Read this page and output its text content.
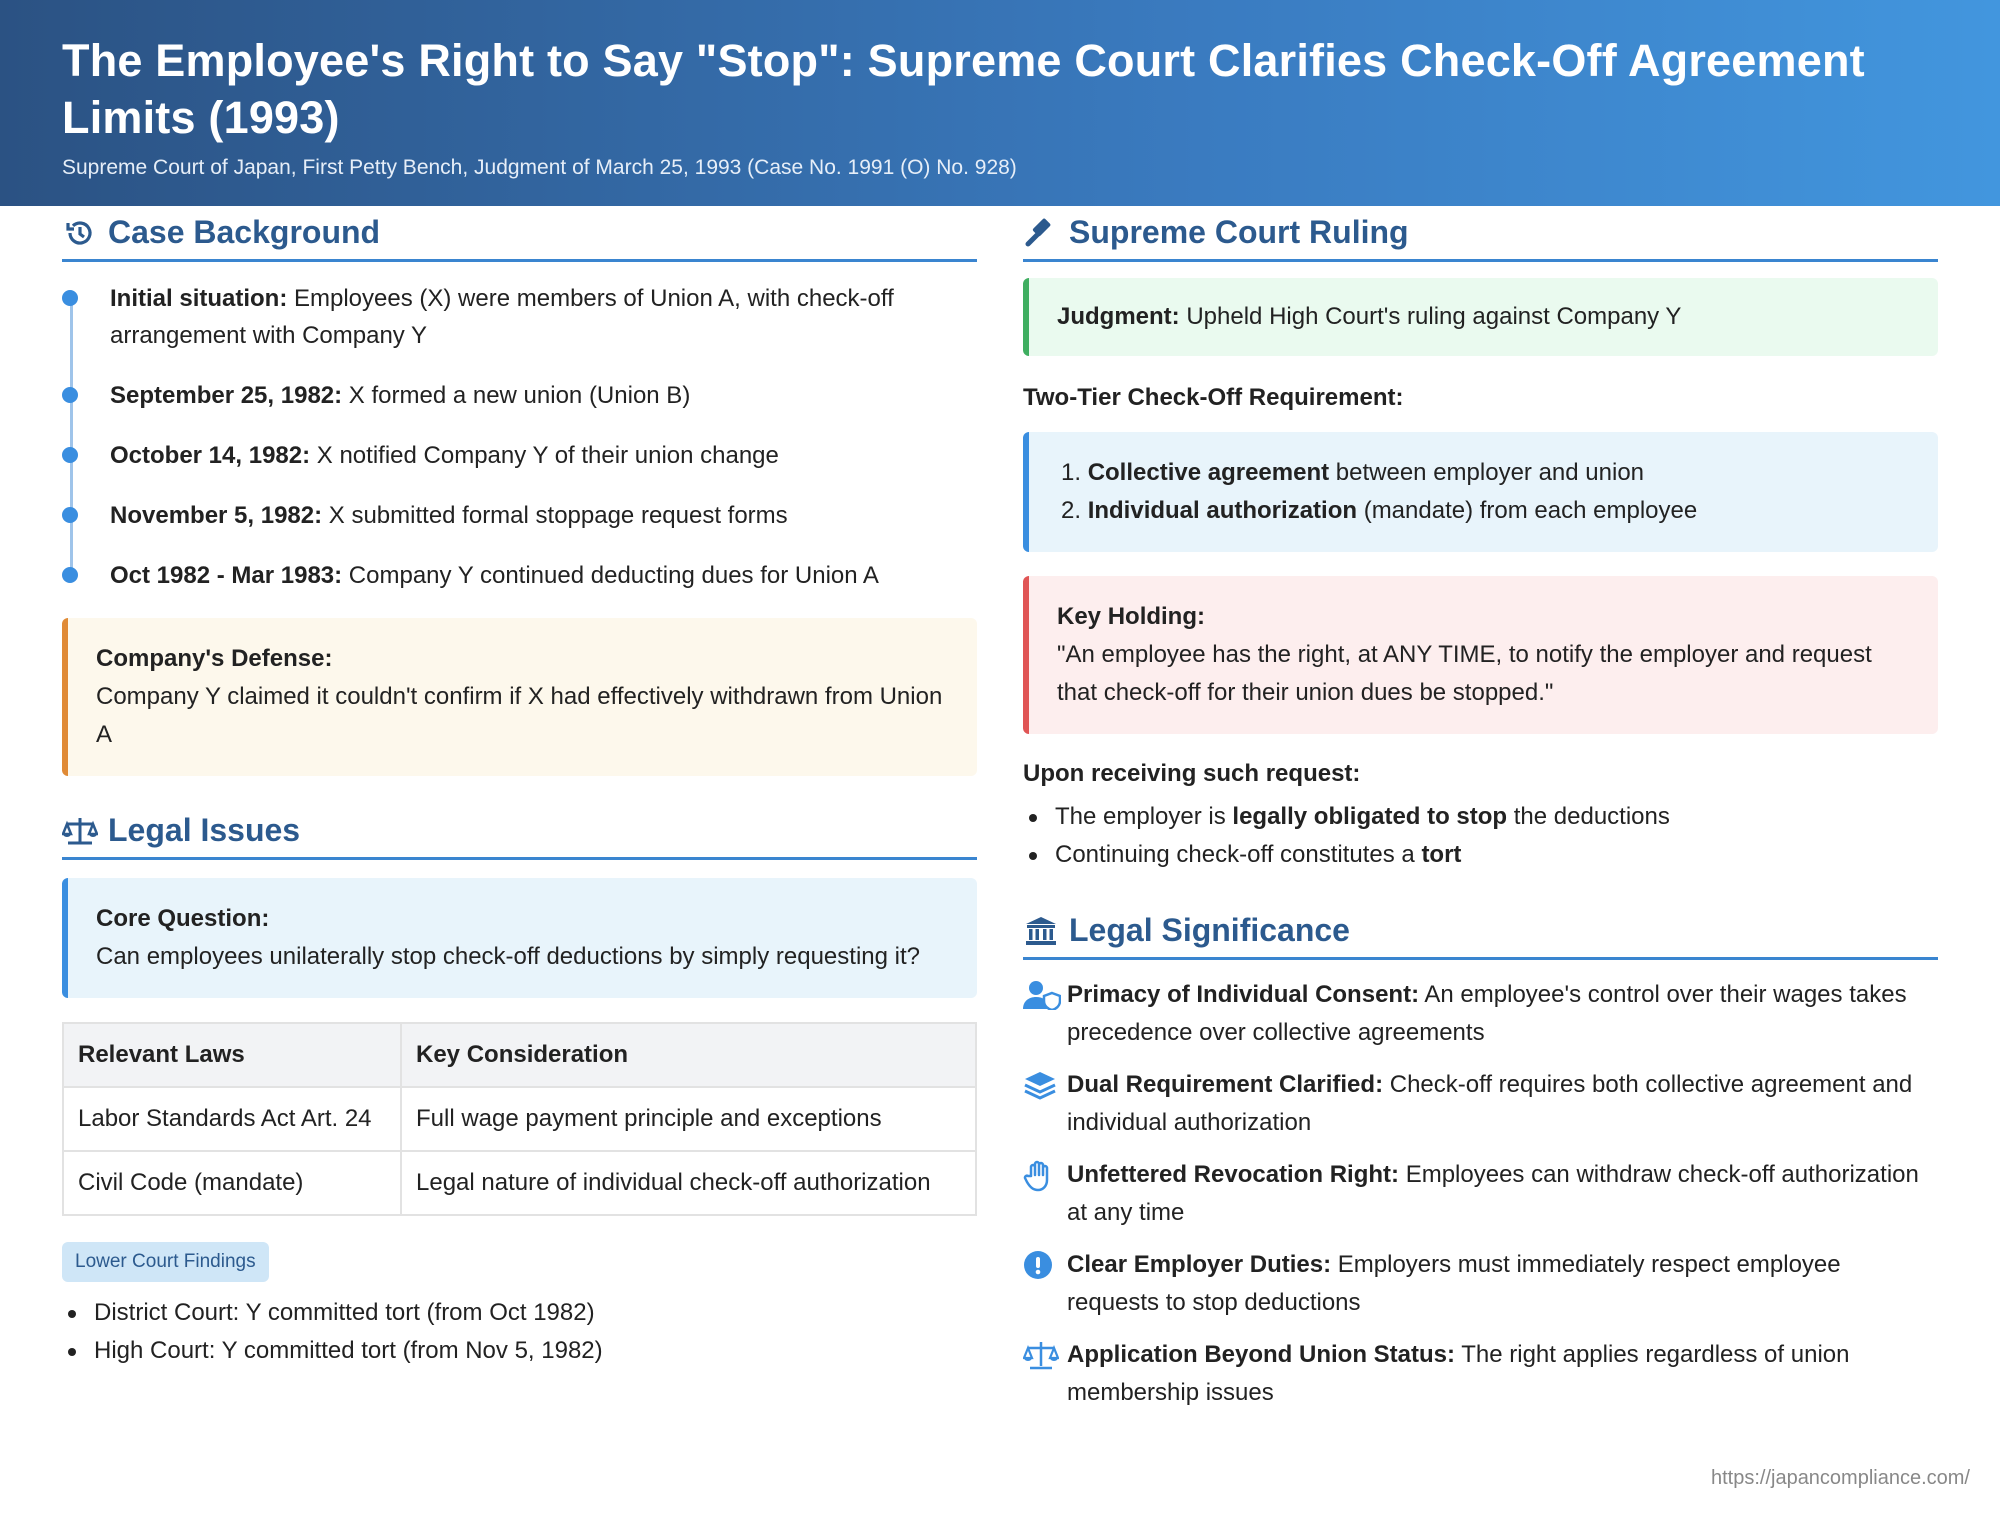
The Employee's Right to Say "Stop": Supreme Court Clarifies Check-Off Agreement Limits (1993)
Supreme Court of Japan, First Petty Bench, Judgment of March 25, 1993 (Case No. 1991 (O) No. 928)
Case Background
Initial situation: Employees (X) were members of Union A, with check-off arrangement with Company Y
September 25, 1982: X formed a new union (Union B)
October 14, 1982: X notified Company Y of their union change
November 5, 1982: X submitted formal stoppage request forms
Oct 1982 - Mar 1983: Company Y continued deducting dues for Union A
Company's Defense:
Company Y claimed it couldn't confirm if X had effectively withdrawn from Union A
Legal Issues
Core Question:
Can employees unilaterally stop check-off deductions by simply requesting it?
Relevant Laws	Key Consideration
Labor Standards Act Art. 24	Full wage payment principle and exceptions
Civil Code (mandate)	Legal nature of individual check-off authorization
Lower Court Findings
District Court: Y committed tort (from Oct 1982)
High Court: Y committed tort (from Nov 5, 1982)
Supreme Court Ruling
Judgment: Upheld High Court's ruling against Company Y
Two-Tier Check-Off Requirement:
1. Collective agreement between employer and union
2. Individual authorization (mandate) from each employee
Key Holding:
"An employee has the right, at ANY TIME, to notify the employer and request that check-off for their union dues be stopped."
Upon receiving such request:
The employer is legally obligated to stop the deductions
Continuing check-off constitutes a tort
Legal Significance
Primacy of Individual Consent: An employee's control over their wages takes precedence over collective agreements
Dual Requirement Clarified: Check-off requires both collective agreement and individual authorization
Unfettered Revocation Right: Employees can withdraw check-off authorization at any time
Clear Employer Duties: Employers must immediately respect employee requests to stop deductions
Application Beyond Union Status: The right applies regardless of union membership issues
https://japancompliance.com/
